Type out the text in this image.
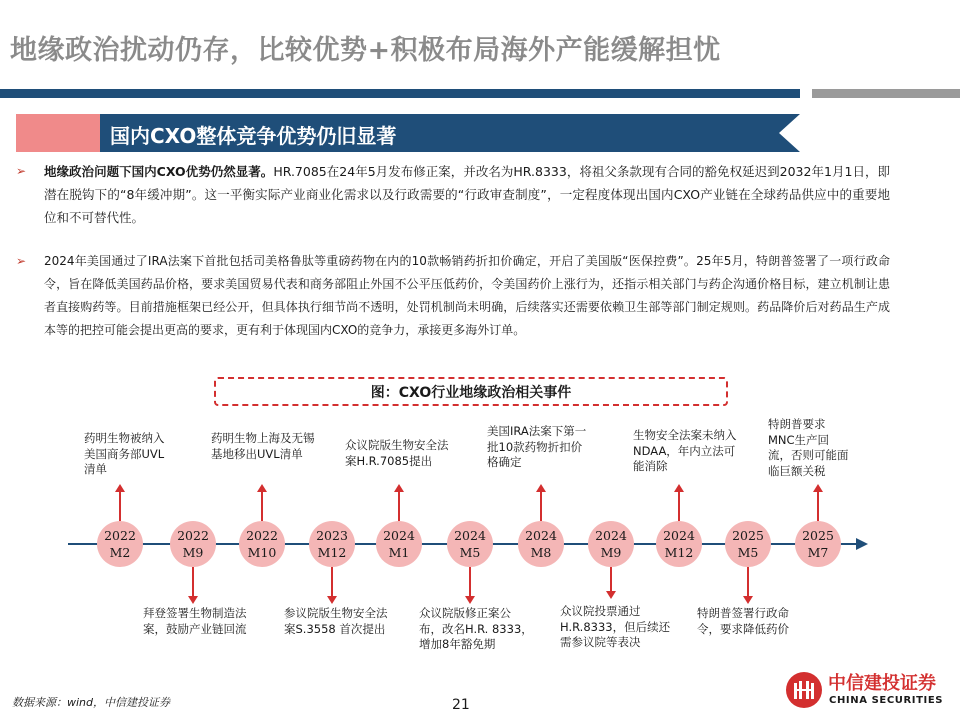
地缘政治扰动仍存，比较优势+积极布局海外产能缓解担忧
国内CXO整体竞争优势仍旧显著
➢	地缘政治问题下国内CXO优势仍然显著。HR.7085在24年5月发布修正案，并改名为HR.8333，将祖父条款现有合同的豁免权延迟到2032年1月1日，即潜在脱钩下的“8年缓冲期”。这一平衡实际产业商业化需求以及行政需要的“行政审查制度”，一定程度体现出国内CXO产业链在全球药品供应中的重要地位和不可替代性。
➢	2024年美国通过了IRA法案下首批包括司美格鲁肽等重磅药物在内的10款畅销药折扣价确定，开启了美国版“医保控费”。25年5月，特朗普签署了一项行政命令，旨在降低美国药品价格，要求美国贸易代表和商务部阻止外国不公平压低药价，令美国药价上涨行为，还指示相关部门与药企沟通价格目标，建立机制让患者直接购药等。目前措施框架已经公开，但具体执行细节尚不透明，处罚机制尚未明确，后续落实还需要依赖卫生部等部门制定规则。药品降价后对药品生产成本等的把控可能会提出更高的要求，更有利于体现国内CXO的竞争力，承接更多海外订单。
图：CXO行业地缘政治相关事件
2022
M2
2022
M9
2022
M10
2023
M12
2024
M1
2024
M5
2024
M8
2024
M9
2024
M12
2025
M5
2025
M7
药明生物被纳入美国商务部UVL清单
药明生物上海及无锡基地移出UVL清单
众议院版生物安全法案H.R.7085提出
美国IRA法案下第一批10款药物折扣价格确定
生物安全法案未纳入NDAA，年内立法可能消除
特朗普要求MNC生产回流，否则可能面临巨额关税
拜登签署生物制造法案，鼓励产业链回流
参议院版生物安全法案S.3558 首次提出
众议院版修正案公布，改名H.R. 8333，增加8年豁免期
众议院投票通过H.R.8333，但后续还需参议院等表决
特朗普签署行政命令，要求降低药价
数据来源：wind，中信建投证券	21
中信建投证券
CHINA SECURITIES
